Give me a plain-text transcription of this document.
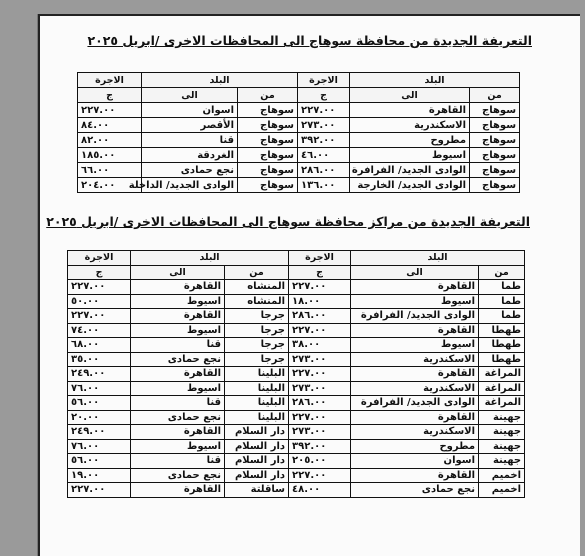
التعريفة الجديدة من محافظة سوهاج الى المحافظات الاخرى /ابريل ٢٠٢٥
البلد		الاجرة	البلد		الاجرة
من	الى	ج	من	الى	ج
سوهاج	القاهرة	٢٢٧.٠٠	سوهاج	اسوان	٢٢٧.٠٠
سوهاج	الاسكندرية	٢٧٣.٠٠	سوهاج	الأقصر	٨٤.٠٠
سوهاج	مطروح	٣٩٢.٠٠	سوهاج	قنا	٨٢.٠٠
سوهاج	اسيوط	٤٦.٠٠	سوهاج	الغردقة	١٨٥.٠٠
سوهاج	الوادى الجديد/ الفرافرة	٢٨٦.٠٠	سوهاج	نجع حمادى	٦٦.٠٠
سوهاج	الوادى الجديد/ الخارجة	١٣٦.٠٠	سوهاج	الوادى الجديد/ الداخلة	٢٠٤.٠٠
التعريفة الجديدة من مراكز محافظة سوهاج الى المحافظات الاخرى /ابريل ٢٠٢٥
البلد		الاجرة	البلد		الاجرة
من	الى	ج	من	الى	ج
طما	القاهرة	٢٢٧.٠٠	المنشاه	القاهرة	٢٢٧.٠٠
طما	اسيوط	١٨.٠٠	المنشاه	اسيوط	٥٠.٠٠
طما	الوادى الجديد/ الفرافرة	٢٨٦.٠٠	جرجا	القاهرة	٢٢٧.٠٠
طهطا	القاهرة	٢٢٧.٠٠	جرجا	اسيوط	٧٤.٠٠
طهطا	اسيوط	٣٨.٠٠	جرجا	قنا	٦٨.٠٠
طهطا	الاسكندرية	٢٧٣.٠٠	جرجا	نجع حمادى	٣٥.٠٠
المراغة	القاهرة	٢٢٧.٠٠	البلينا	القاهرة	٢٤٩.٠٠
المراغة	الاسكندرية	٢٧٣.٠٠	البلينا	اسيوط	٧٦.٠٠
المراغة	الوادى الجديد/ الفرافرة	٢٨٦.٠٠	البلينا	قنا	٥٦.٠٠
جهينة	القاهرة	٢٢٧.٠٠	البلينا	نجع حمادى	٢٠.٠٠
جهينة	الاسكندرية	٢٧٣.٠٠	دار السلام	القاهرة	٢٤٩.٠٠
جهينة	مطروح	٣٩٢.٠٠	دار السلام	اسيوط	٧٦.٠٠
جهينة	اسوان	٢٠٥.٠٠	دار السلام	قنا	٥٦.٠٠
اخميم	القاهرة	٢٢٧.٠٠	دار السلام	نجع حمادى	١٩.٠٠
اخميم	نجع حمادى	٤٨.٠٠	ساقلتة	القاهرة	٢٢٧.٠٠
